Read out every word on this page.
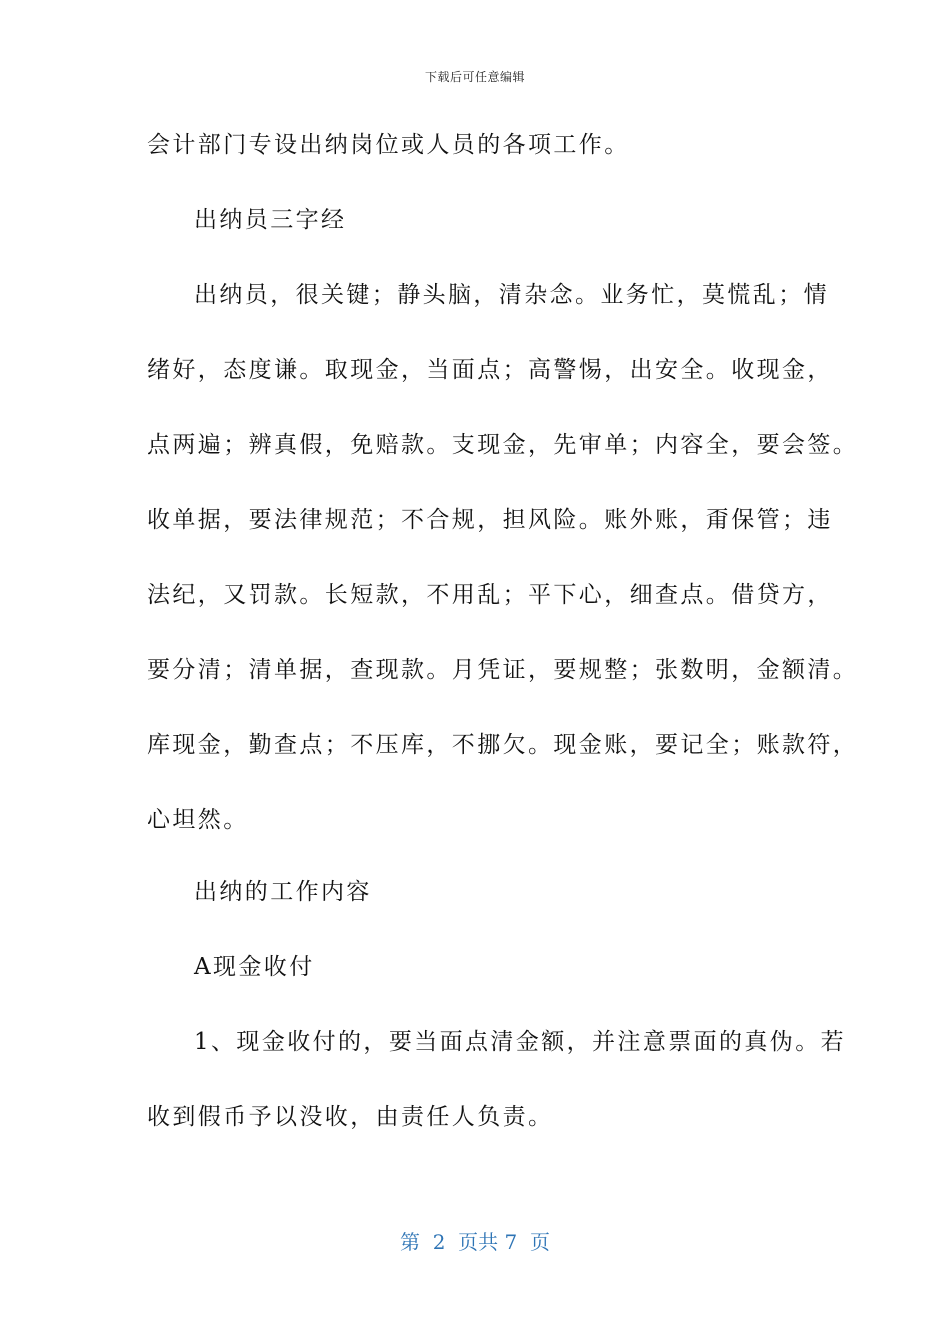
下载后可任意编辑
会计部门专设出纳岗位或人员的各项工作。
出纳员三字经
出纳员，很关键；静头脑，清杂念。业务忙，莫慌乱；情
绪好，态度谦。取现金，当面点；高警惕，出安全。收现金，
点两遍；辨真假，免赔款。支现金，先审单；内容全，要会签。
收单据，要法律规范；不合规，担风险。账外账，甭保管；违
法纪，又罚款。长短款，不用乱；平下心，细查点。借贷方，
要分清；清单据，查现款。月凭证，要规整；张数明，金额清。
库现金，勤查点；不压库，不挪欠。现金账，要记全；账款符，
心坦然。
出纳的工作内容
A现金收付
1、现金收付的，要当面点清金额，并注意票面的真伪。若
收到假币予以没收，由责任人负责。
第  2  页共 7  页
